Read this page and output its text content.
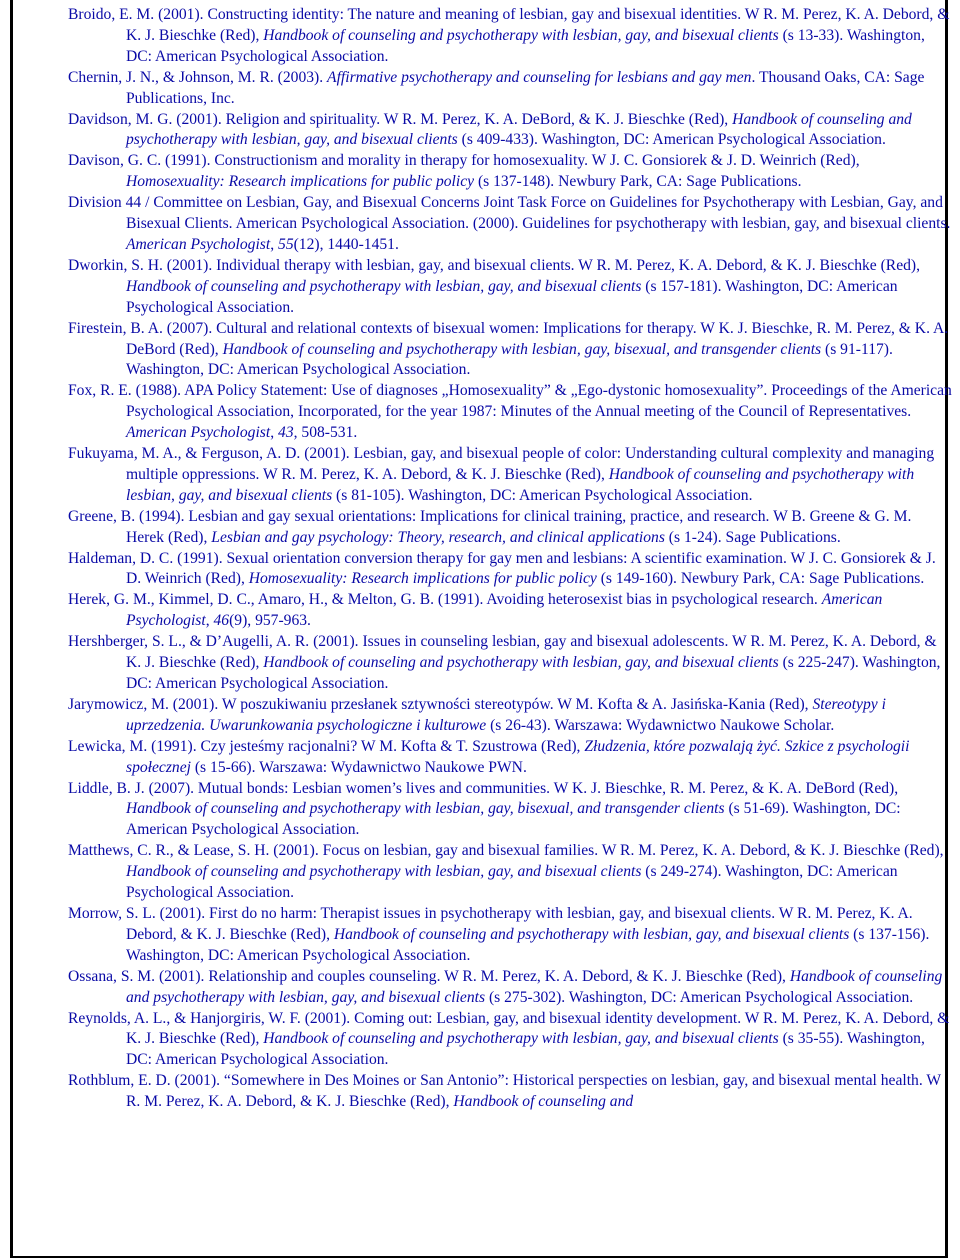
Broido, E. M. (2001). Constructing identity: The nature and meaning of lesbian, gay and bisexual identities. W R. M. Perez, K. A. Debord, & K. J. Bieschke (Red), Handbook of counseling and psychotherapy with lesbian, gay, and bisexual clients (s 13-33). Washington, DC: American Psychological Association.

Chernin, J. N., & Johnson, M. R. (2003). Affirmative psychotherapy and counseling for lesbians and gay men. Thousand Oaks, CA: Sage Publications, Inc.

Davidson, M. G. (2001). Religion and spirituality. W R. M. Perez, K. A. DeBord, & K. J. Bieschke (Red), Handbook of counseling and psychotherapy with lesbian, gay, and bisexual clients (s 409-433). Washington, DC: American Psychological Association.

Davison, G. C. (1991). Constructionism and morality in therapy for homosexuality. W J. C. Gonsiorek & J. D. Weinrich (Red), Homosexuality: Research implications for public policy (s 137-148). Newbury Park, CA: Sage Publications.

Division 44 / Committee on Lesbian, Gay, and Bisexual Concerns Joint Task Force on Guidelines for Psychotherapy with Lesbian, Gay, and Bisexual Clients. American Psychological Association. (2000). Guidelines for psychotherapy with lesbian, gay, and bisexual clients. American Psychologist, 55(12), 1440-1451.

Dworkin, S. H. (2001). Individual therapy with lesbian, gay, and bisexual clients. W R. M. Perez, K. A. Debord, & K. J. Bieschke (Red), Handbook of counseling and psychotherapy with lesbian, gay, and bisexual clients (s 157-181). Washington, DC: American Psychological Association.

Firestein, B. A. (2007). Cultural and relational contexts of bisexual women: Implications for therapy. W K. J. Bieschke, R. M. Perez, & K. A. DeBord (Red), Handbook of counseling and psychotherapy with lesbian, gay, bisexual, and transgender clients (s 91-117). Washington, DC: American Psychological Association.

Fox, R. E. (1988). APA Policy Statement: Use of diagnoses „Homosexuality” & „Ego-dystonic homosexuality”. Proceedings of the American Psychological Association, Incorporated, for the year 1987: Minutes of the Annual meeting of the Council of Representatives. American Psychologist, 43, 508-531.

Fukuyama, M. A., & Ferguson, A. D. (2001). Lesbian, gay, and bisexual people of color: Understanding cultural complexity and managing multiple oppressions. W R. M. Perez, K. A. Debord, & K. J. Bieschke (Red), Handbook of counseling and psychotherapy with lesbian, gay, and bisexual clients (s 81-105). Washington, DC: American Psychological Association.

Greene, B. (1994). Lesbian and gay sexual orientations: Implications for clinical training, practice, and research. W B. Greene & G. M. Herek (Red), Lesbian and gay psychology: Theory, research, and clinical applications (s 1-24). Sage Publications.

Haldeman, D. C. (1991). Sexual orientation conversion therapy for gay men and lesbians: A scientific examination. W J. C. Gonsiorek & J. D. Weinrich (Red), Homosexuality: Research implications for public policy (s 149-160). Newbury Park, CA: Sage Publications.

Herek, G. M., Kimmel, D. C., Amaro, H., & Melton, G. B. (1991). Avoiding heterosexist bias in psychological research. American Psychologist, 46(9), 957-963.

Hershberger, S. L., & D’Augelli, A. R. (2001). Issues in counseling lesbian, gay and bisexual adolescents. W R. M. Perez, K. A. Debord, & K. J. Bieschke (Red), Handbook of counseling and psychotherapy with lesbian, gay, and bisexual clients (s 225-247). Washington, DC: American Psychological Association.

Jarymowicz, M. (2001). W poszukiwaniu przesłanek sztywności stereotypów. W M. Kofta & A. Jasińska-Kania (Red), Stereotypy i uprzedzenia. Uwarunkowania psychologiczne i kulturowe (s 26-43). Warszawa: Wydawnictwo Naukowe Scholar.

Lewicka, M. (1991). Czy jesteśmy racjonalni? W M. Kofta & T. Szustrowa (Red), Złudzenia, które pozwalają żyć. Szkice z psychologii społecznej (s 15-66). Warszawa: Wydawnictwo Naukowe PWN.

Liddle, B. J. (2007). Mutual bonds: Lesbian women’s lives and communities. W K. J. Bieschke, R. M. Perez, & K. A. DeBord (Red), Handbook of counseling and psychotherapy with lesbian, gay, bisexual, and transgender clients (s 51-69). Washington, DC: American Psychological Association.

Matthews, C. R., & Lease, S. H. (2001). Focus on lesbian, gay and bisexual families. W R. M. Perez, K. A. Debord, & K. J. Bieschke (Red), Handbook of counseling and psychotherapy with lesbian, gay, and bisexual clients (s 249-274). Washington, DC: American Psychological Association.

Morrow, S. L. (2001). First do no harm: Therapist issues in psychotherapy with lesbian, gay, and bisexual clients. W R. M. Perez, K. A. Debord, & K. J. Bieschke (Red), Handbook of counseling and psychotherapy with lesbian, gay, and bisexual clients (s 137-156). Washington, DC: American Psychological Association.

Ossana, S. M. (2001). Relationship and couples counseling. W R. M. Perez, K. A. Debord, & K. J. Bieschke (Red), Handbook of counseling and psychotherapy with lesbian, gay, and bisexual clients (s 275-302). Washington, DC: American Psychological Association.

Reynolds, A. L., & Hanjorgiris, W. F. (2001). Coming out: Lesbian, gay, and bisexual identity development. W R. M. Perez, K. A. Debord, & K. J. Bieschke (Red), Handbook of counseling and psychotherapy with lesbian, gay, and bisexual clients (s 35-55). Washington, DC: American Psychological Association.

Rothblum, E. D. (2001). “Somewhere in Des Moines or San Antonio”: Historical perspecties on lesbian, gay, and bisexual mental health. W R. M. Perez, K. A. Debord, & K. J. Bieschke (Red), Handbook of counseling and
